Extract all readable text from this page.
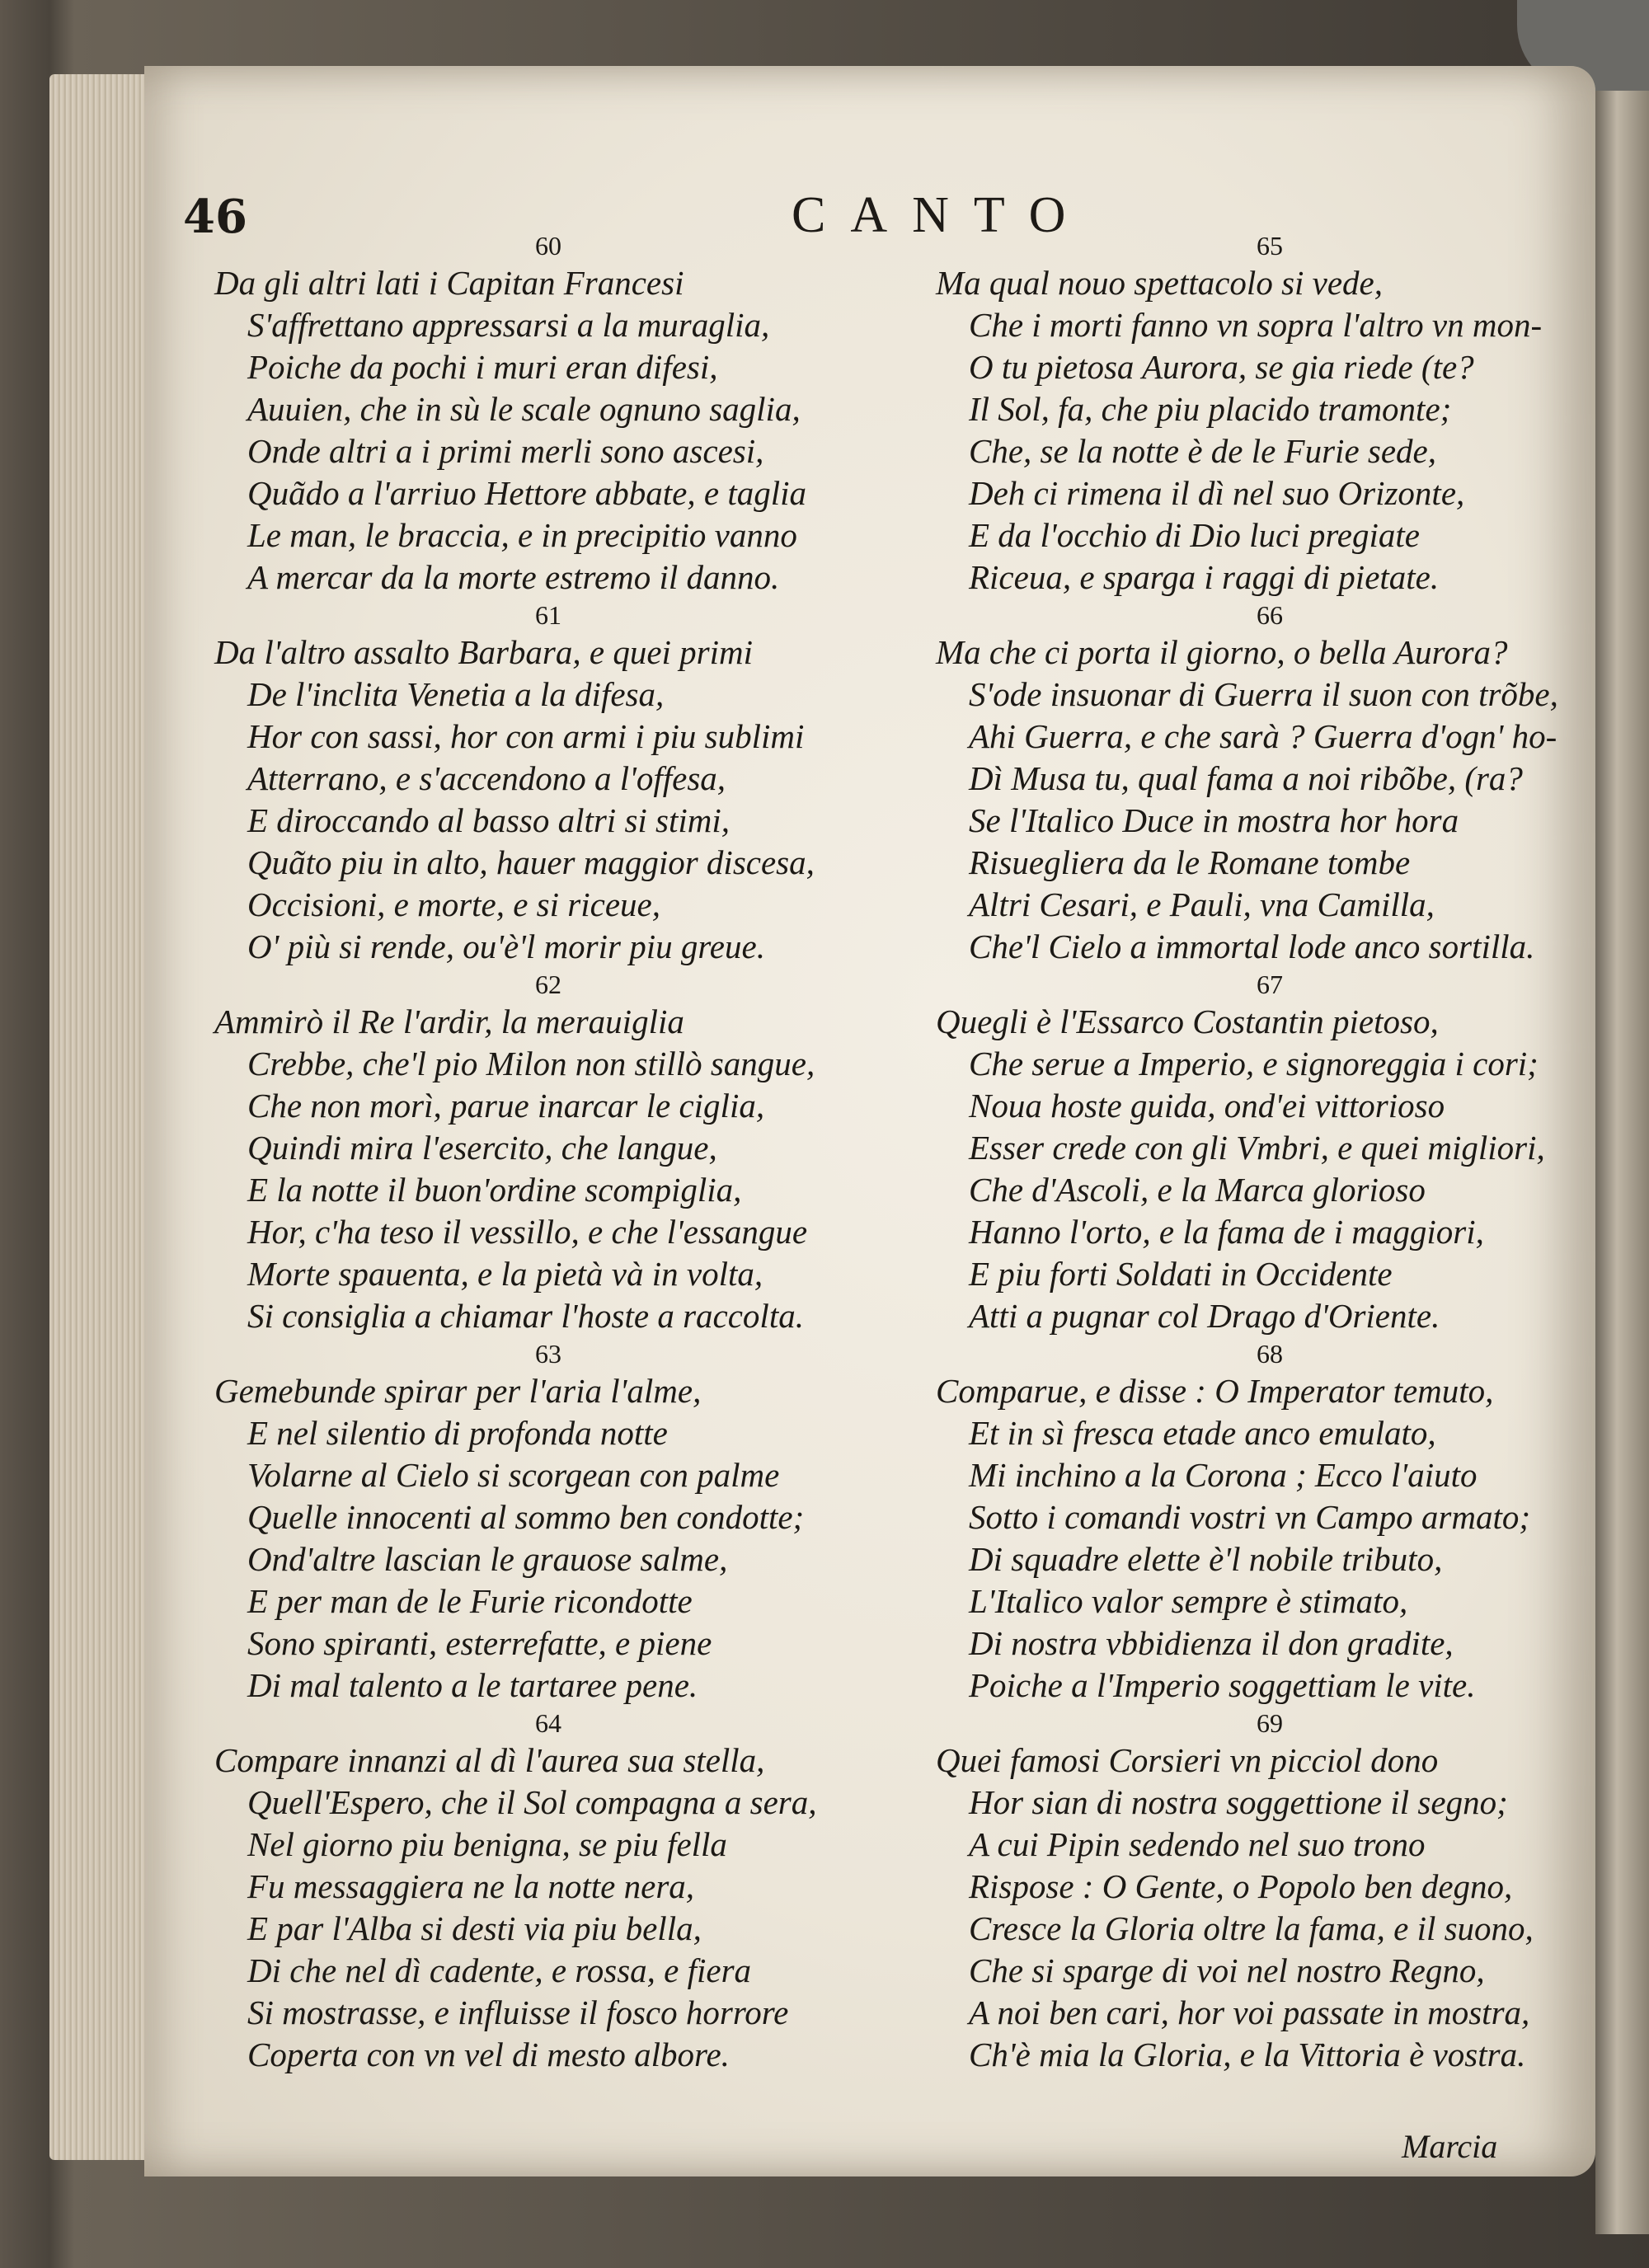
46	CANTO
60
Da gli altri lati i Capitan Francesi
S'affrettano appressarsi a la muraglia,
Poiche da pochi i muri eran difesi,
Auuien, che in sù le scale ognuno saglia,
Onde altri a i primi merli sono ascesi,
Quãdo a l'arriuo Hettore abbate, e taglia
Le man, le braccia, e in precipitio vanno
A mercar da la morte estremo il danno.
61
Da l'altro assalto Barbara, e quei primi
De l'inclita Venetia a la difesa,
Hor con sassi, hor con armi i piu sublimi
Atterrano, e s'accendono a l'offesa,
E diroccando al basso altri si stimi,
Quãto piu in alto, hauer maggior discesa,
Occisioni, e morte, e si riceue,
O' più si rende, ou'è'l morir piu greue.
62
Ammirò il Re l'ardir, la merauiglia
Crebbe, che'l pio Milon non stillò sangue,
Che non morì, parue inarcar le ciglia,
Quindi mira l'esercito, che langue,
E la notte il buon'ordine scompiglia,
Hor, c'ha teso il vessillo, e che l'essangue
Morte spauenta, e la pietà và in volta,
Si consiglia a chiamar l'hoste a raccolta.
63
Gemebunde spirar per l'aria l'alme,
E nel silentio di profonda notte
Volarne al Cielo si scorgean con palme
Quelle innocenti al sommo ben condotte;
Ond'altre lascian le grauose salme,
E per man de le Furie ricondotte
Sono spiranti, esterrefatte, e piene
Di mal talento a le tartaree pene.
64
Compare innanzi al dì l'aurea sua stella,
Quell'Espero, che il Sol compagna a sera,
Nel giorno piu benigna, se piu fella
Fu messaggiera ne la notte nera,
E par l'Alba si desti via piu bella,
Di che nel dì cadente, e rossa, e fiera
Si mostrasse, e influisse il fosco horrore
Coperta con vn vel di mesto albore.
65
Ma qual nouo spettacolo si vede,
Che i morti fanno vn sopra l'altro vn mon-
O tu pietosa Aurora, se gia riede (te?
Il Sol, fa, che piu placido tramonte;
Che, se la notte è de le Furie sede,
Deh ci rimena il dì nel suo Orizonte,
E da l'occhio di Dio luci pregiate
Riceua, e sparga i raggi di pietate.
66
Ma che ci porta il giorno, o bella Aurora?
S'ode insuonar di Guerra il suon con trõbe,
Ahi Guerra, e che sarà ? Guerra d'ogn' ho-
Dì Musa tu, qual fama a noi ribõbe, (ra?
Se l'Italico Duce in mostra hor hora
Risuegliera da le Romane tombe
Altri Cesari, e Pauli, vna Camilla,
Che'l Cielo a immortal lode anco sortilla.
67
Quegli è l'Essarco Costantin pietoso,
Che serue a Imperio, e signoreggia i cori;
Noua hoste guida, ond'ei vittorioso
Esser crede con gli Vmbri, e quei migliori,
Che d'Ascoli, e la Marca glorioso
Hanno l'orto, e la fama de i maggiori,
E piu forti Soldati in Occidente
Atti a pugnar col Drago d'Oriente.
68
Comparue, e disse : O Imperator temuto,
Et in sì fresca etade anco emulato,
Mi inchino a la Corona ; Ecco l'aiuto
Sotto i comandi vostri vn Campo armato;
Di squadre elette è'l nobile tributo,
L'Italico valor sempre è stimato,
Di nostra vbbidienza il don gradite,
Poiche a l'Imperio soggettiam le vite.
69
Quei famosi Corsieri vn picciol dono
Hor sian di nostra soggettione il segno;
A cui Pipin sedendo nel suo trono
Rispose : O Gente, o Popolo ben degno,
Cresce la Gloria oltre la fama, e il suono,
Che si sparge di voi nel nostro Regno,
A noi ben cari, hor voi passate in mostra,
Ch'è mia la Gloria, e la Vittoria è vostra.
Marcia
